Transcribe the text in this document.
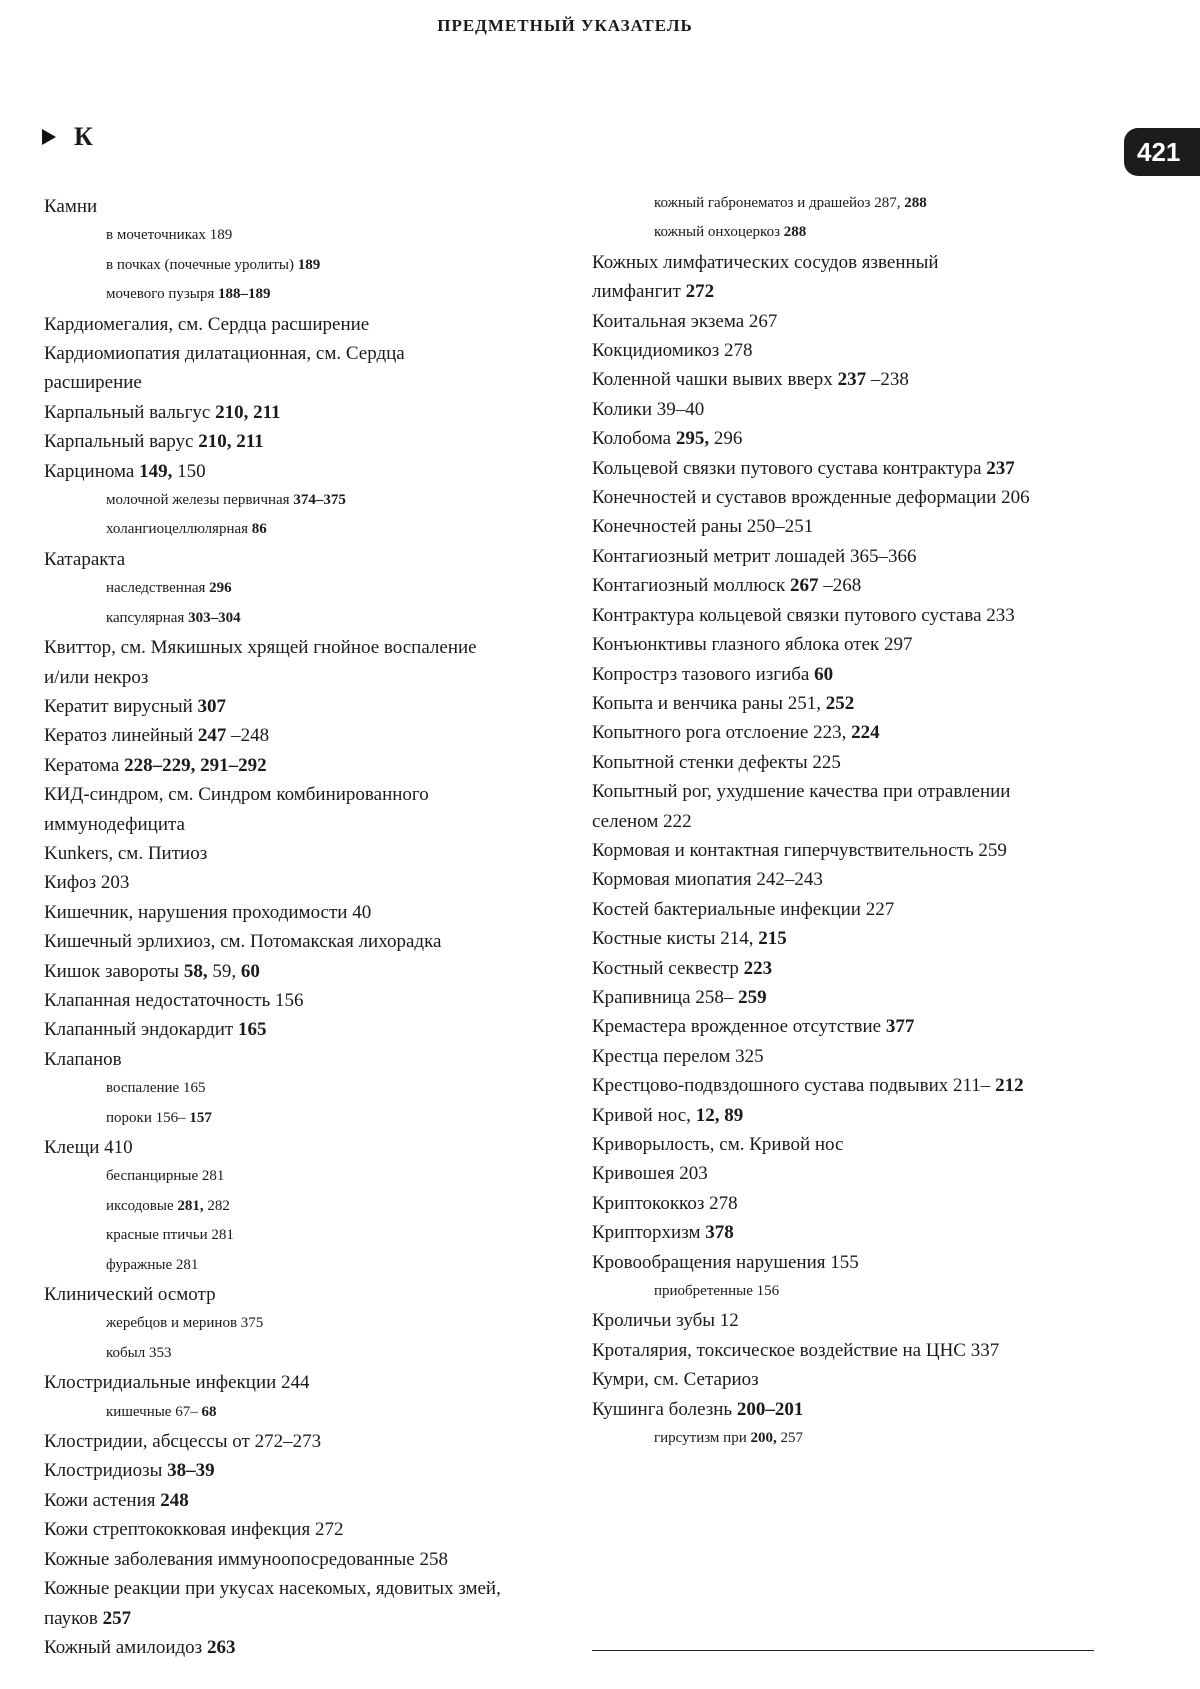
ПРЕДМЕТНЫЙ УКАЗАТЕЛЬ
К	421
Камни
в мочеточниках 189
в почках (почечные уролиты) 189
мочевого пузыря 188–189
Кардиомегалия, см. Сердца расширение
Кардиомиопатия дилатационная, см. Сердца
расширение
Карпальный вальгус 210, 211
Карпальный варус 210, 211
Карцинома 149, 150
молочной железы первичная 374–375
холангиоцеллюлярная 86
Катаракта
наследственная 296
капсулярная 303–304
Квиттор, см. Мякишных хрящей гнойное воспаление
и/или некроз
Кератит вирусный 307
Кератоз линейный 247 –248
Кератома 228–229, 291–292
КИД-синдром, см. Синдром комбинированного
иммунодефицита
Kunkers, см. Питиоз
Кифоз 203
Кишечник, нарушения проходимости 40
Кишечный эрлихиоз, см. Потомакская лихорадка
Кишок завороты 58, 59, 60
Клапанная недостаточность 156
Клапанный эндокардит 165
Клапанов
воспаление 165
пороки 156– 157
Клещи 410
беспанцирные 281
иксодовые 281, 282
красные птичьи 281
фуражные 281
Клинический осмотр
жеребцов и меринов 375
кобыл 353
Клостридиальные инфекции 244
кишечные 67– 68
Клостридии, абсцессы от 272–273
Клостридиозы 38–39
Кожи астения 248
Кожи стрептококковая инфекция 272
Кожные заболевания иммуноопосредованные 258
Кожные реакции при укусах насекомых, ядовитых змей,
пауков 257
Кожный амилоидоз 263
кожный габронематоз и драшейоз 287, 288
кожный онхоцеркоз 288
Кожных лимфатических сосудов язвенный
лимфангит 272
Коитальная экзема 267
Кокцидиомикоз 278
Коленной чашки вывих вверх 237 –238
Колики 39–40
Колобома 295, 296
Кольцевой связки путового сустава контрактура 237
Конечностей и суставов врожденные деформации 206
Конечностей раны 250–251
Контагиозный метрит лошадей 365–366
Контагиозный моллюск 267 –268
Контрактура кольцевой связки путового сустава 233
Конъюнктивы глазного яблока отек 297
Копрострз тазового изгиба 60
Копыта и венчика раны 251, 252
Копытного рога отслоение 223, 224
Копытной стенки дефекты 225
Копытный рог, ухудшение качества при отравлении
селеном 222
Кормовая и контактная гиперчувствительность 259
Кормовая миопатия 242–243
Костей бактериальные инфекции 227
Костные кисты 214, 215
Костный секвестр 223
Крапивница 258– 259
Кремастера врожденное отсутствие 377
Крестца перелом 325
Крестцово-подвздошного сустава подвывих 211– 212
Кривой нос, 12, 89
Криворылость, см. Кривой нос
Кривошея 203
Криптококкоз 278
Крипторхизм 378
Кровообращения нарушения 155
приобретенные 156
Кроличьи зубы 12
Кроталярия, токсическое воздействие на ЦНС 337
Кумри, см. Сетариоз
Кушинга болезнь 200–201
гирсутизм при 200, 257
